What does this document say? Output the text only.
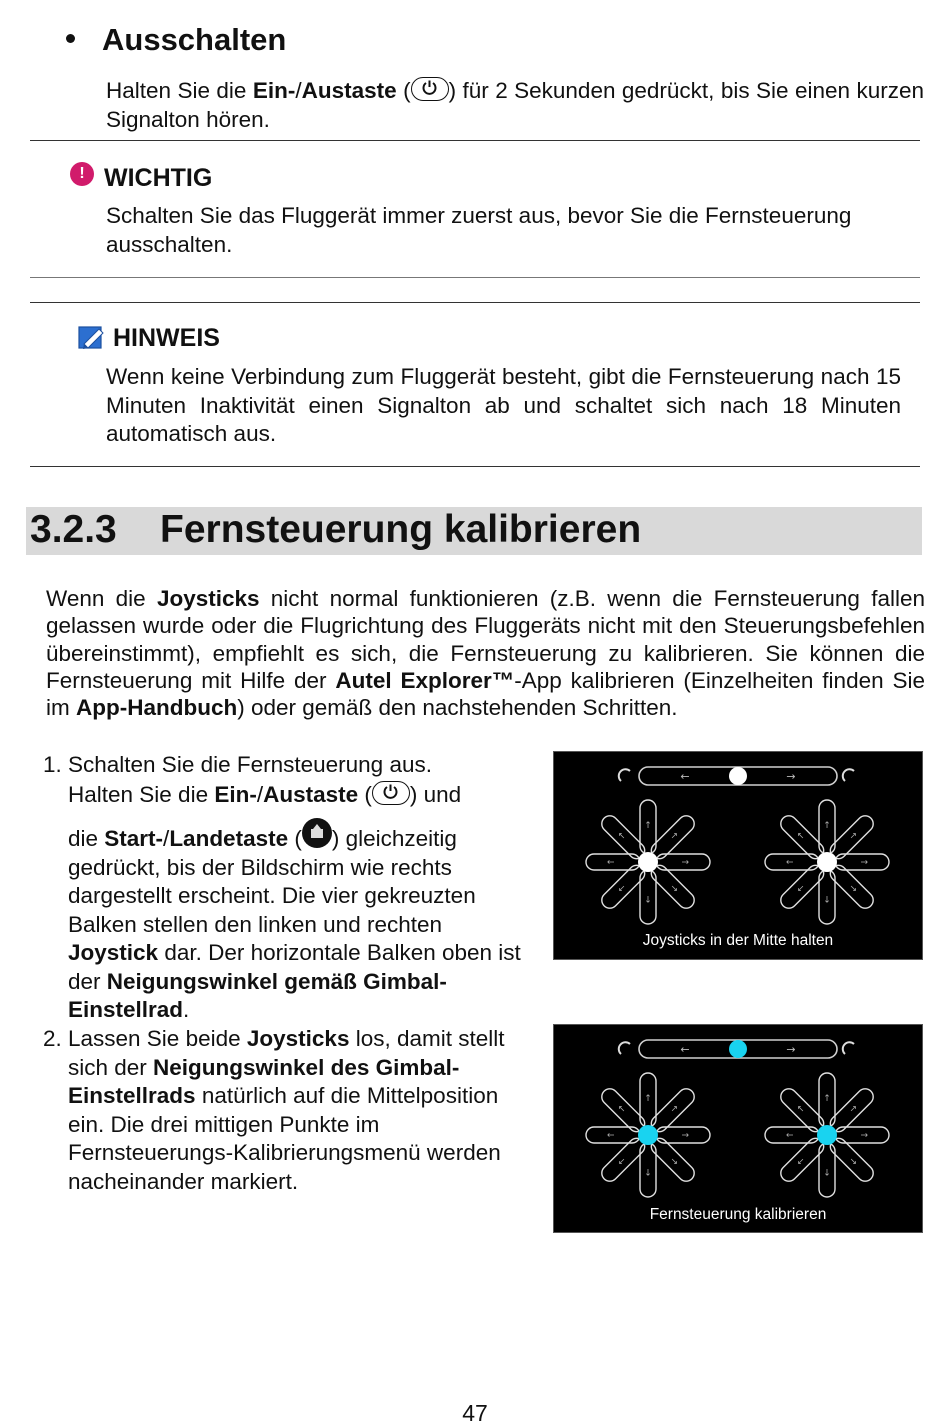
Ausschalten

Halten Sie die Ein-/Austaste ( ) für 2 Sekunden gedrückt, bis Sie einen kurzen Signalton hören.

! WICHTIG

Schalten Sie das Fluggerät immer zuerst aus, bevor Sie die Fernsteuerung ausschalten.

HINWEIS

Wenn keine Verbindung zum Fluggerät besteht, gibt die Fernsteuerung nach 15 Minuten Inaktivität einen Signalton ab und schaltet sich nach 18 Minuten automatisch aus.

3.2.3 Fernsteuerung kalibrieren

Wenn die Joysticks nicht normal funktionieren (z.B. wenn die Fernsteuerung fallen gelassen wurde oder die Flugrichtung des Fluggeräts nicht mit den Steuerungsbefehlen übereinstimmt), empfiehlt es sich, die Fernsteuerung zu kalibrieren. Sie können die Fernsteuerung mit Hilfe der Autel Explorer™-App kalibrieren (Einzelheiten finden Sie im App-Handbuch) oder gemäß den nachstehenden Schritten.

1. Schalten Sie die Fernsteuerung aus.

Halten Sie die Ein-/Austaste ( ) und

die Start-/Landetaste ( ) gleichzeitig gedrückt, bis der Bildschirm wie rechts dargestellt erscheint. Die vier gekreuzten Balken stellen den linken und rechten Joystick dar. Der horizontale Balken oben ist der Neigungswinkel gemäß Gimbal-Einstellrad.

2. Lassen Sie beide Joysticks los, damit stellt sich der Neigungswinkel des Gimbal-Einstellrads natürlich auf die Mittelposition ein. Die drei mittigen Punkte im Fernsteuerungs-Kalibrierungsmenü werden nacheinander markiert.

←	→
↑
↑
↑
↑
↑
↑
↑
↑
↑
↑
↑
↑
↑
↑
↑
↑
Joysticks in der Mitte halten
←	→
↑
↑
↑
↑
↑
↑
↑
↑
↑
↑
↑
↑
↑
↑
↑
↑
Fernsteuerung kalibrieren

47
